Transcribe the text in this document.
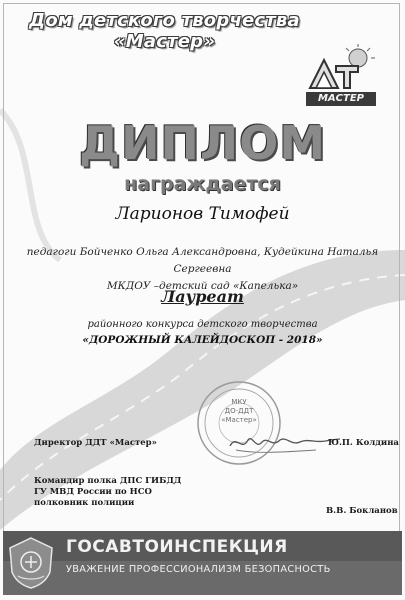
Дом детского творчества
«Мастер»
МАСТЕР
ДИПЛОМ
награждается
Ларионов Тимофей
педагоги Бойченко Ольга Александровна, Кудейкина Наталья Сергеевна
МКДОУ –детский сад «Капелька»
Лауреат
районного конкурса детского творчества
«ДОРОЖНЫЙ КАЛЕЙДОСКОП - 2018»
МКУ
ДО-ДДТ
«Мастер»
Директор ДДТ «Мастер»	Ю.П. Колдина
Командир полка ДПС ГИБДД
ГУ МВД России по НСО
полковник полиции
В.В. Бокланов
ГОСАВТОИНСПЕКЦИЯ
УВАЖЕНИЕ ПРОФЕССИОНАЛИЗМ БЕЗОПАСНОСТЬ
